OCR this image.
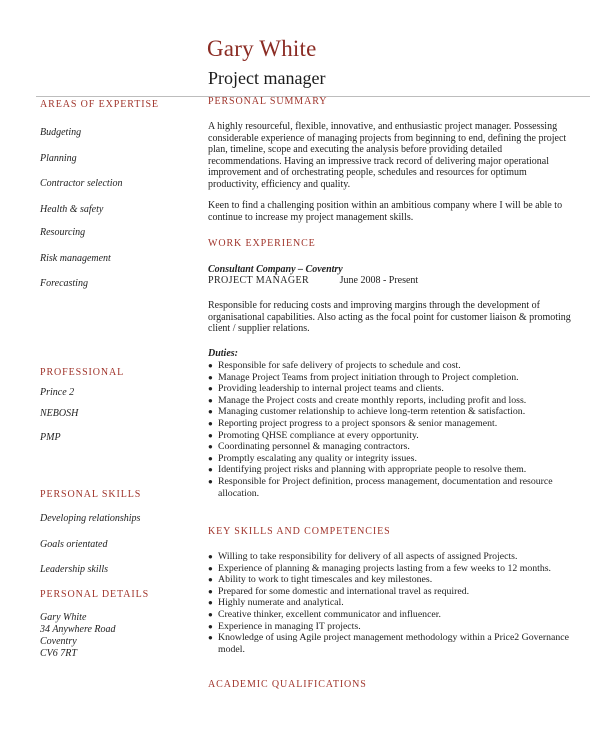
Gary White
Project manager
AREAS OF EXPERTISE
Budgeting
Planning
Contractor selection
Health & safety
Resourcing
Risk management
Forecasting
PROFESSIONAL
Prince 2
NEBOSH
PMP
PERSONAL SKILLS
Developing relationships
Goals orientated
Leadership skills
PERSONAL DETAILS
Gary White
34 Anywhere Road
Coventry
CV6 7RT
PERSONAL SUMMARY
A highly resourceful, flexible, innovative, and enthusiastic project manager. Possessing considerable experience of managing projects from beginning to end, defining the project plan, timeline, scope and executing the analysis before providing detailed recommendations. Having an impressive track record of delivering major operational improvement and of orchestrating people, schedules and resources for optimum productivity, efficiency and quality.
Keen to find a challenging position within an ambitious company where I will be able to continue to increase my project management skills.
WORK EXPERIENCE
Consultant Company – Coventry
PROJECT MANAGER	June 2008 - Present
Responsible for reducing costs and improving margins through the development of organisational capabilities. Also acting as the focal point for customer liaison & promoting client / supplier relations.
Duties:
● Responsible for safe delivery of projects to schedule and cost.
● Manage Project Teams from project initiation through to Project completion.
● Providing leadership to internal project teams and clients.
● Manage the Project costs and create monthly reports, including profit and loss.
● Managing customer relationship to achieve long-term retention & satisfaction.
● Reporting project progress to a project sponsors & senior management.
● Promoting QHSE compliance at every opportunity.
● Coordinating personnel & managing contractors.
● Promptly escalating any quality or integrity issues.
● Identifying project risks and planning with appropriate people to resolve them.
● Responsible for Project definition, process management, documentation and resource allocation.
KEY SKILLS AND COMPETENCIES
● Willing to take responsibility for delivery of all aspects of assigned Projects.
● Experience of planning & managing projects lasting from a few weeks to 12 months.
● Ability to work to tight timescales and key milestones.
● Prepared for some domestic and international travel as required.
● Highly numerate and analytical.
● Creative thinker, excellent communicator and influencer.
● Experience in managing IT projects.
● Knowledge of using Agile project management methodology within a Price2 Governance model.
ACADEMIC QUALIFICATIONS
